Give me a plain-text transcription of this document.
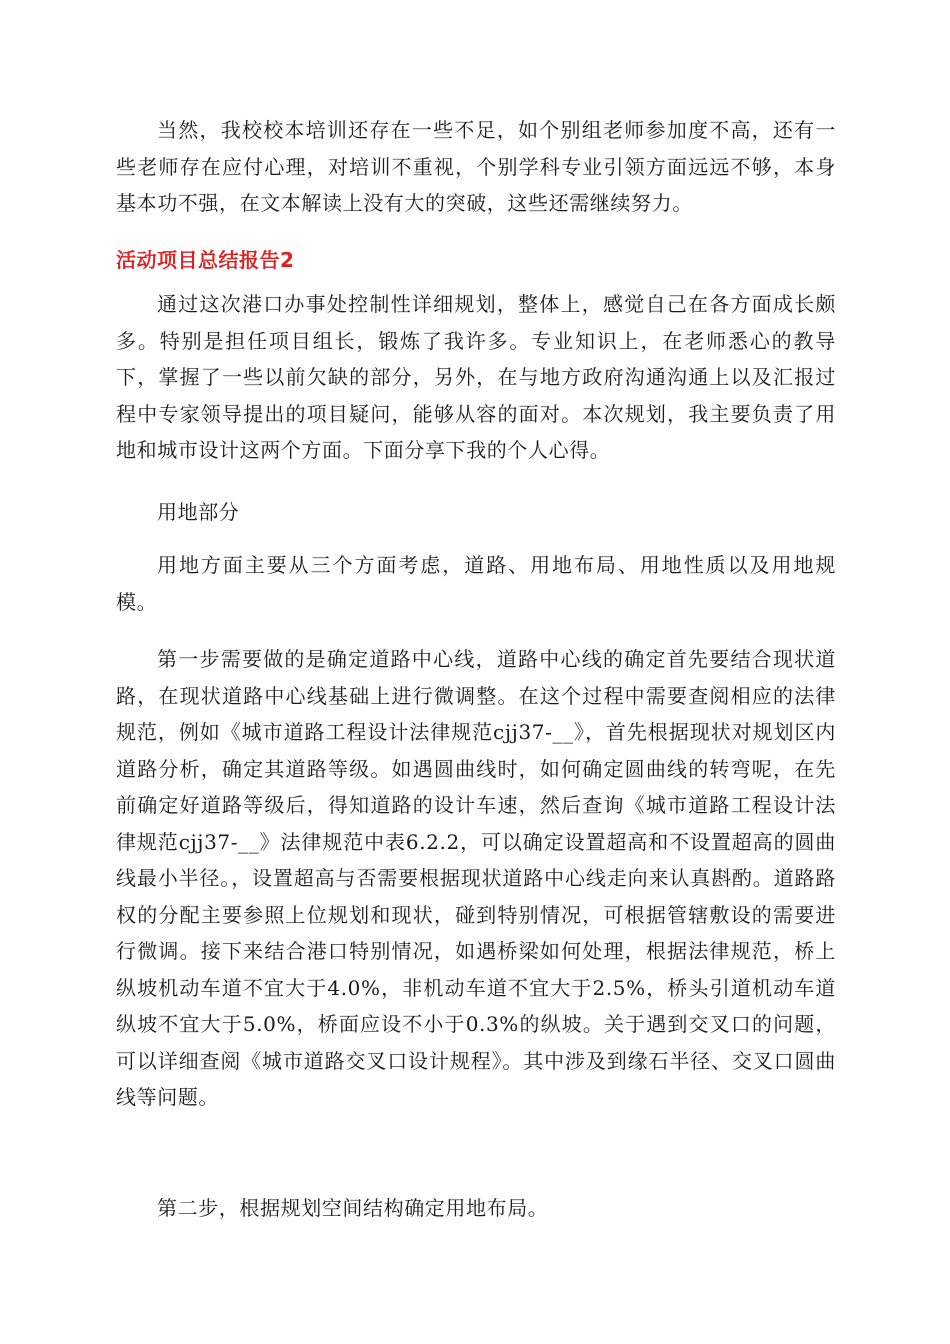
当然，我校校本培训还存在一些不足，如个别组老师参加度不高，还有一些老师存在应付心理，对培训不重视，个别学科专业引领方面远远不够，本身基本功不强，在文本解读上没有大的突破，这些还需继续努力。

活动项目总结报告2

通过这次港口办事处控制性详细规划，整体上，感觉自己在各方面成长颇多。特别是担任项目组长，锻炼了我许多。专业知识上，在老师悉心的教导下，掌握了一些以前欠缺的部分，另外，在与地方政府沟通沟通上以及汇报过程中专家领导提出的项目疑问，能够从容的面对。本次规划，我主要负责了用地和城市设计这两个方面。下面分享下我的个人心得。

用地部分

用地方面主要从三个方面考虑，道路、用地布局、用地性质以及用地规模。

第一步需要做的是确定道路中心线，道路中心线的确定首先要结合现状道路，在现状道路中心线基础上进行微调整。在这个过程中需要查阅相应的法律规范，例如《城市道路工程设计法律规范cjj37-__》，首先根据现状对规划区内道路分析，确定其道路等级。如遇圆曲线时，如何确定圆曲线的转弯呢，在先前确定好道路等级后，得知道路的设计车速，然后查询《城市道路工程设计法律规范cjj37-__》法律规范中表6.2.2，可以确定设置超高和不设置超高的圆曲线最小半径。，设置超高与否需要根据现状道路中心线走向来认真斟酌。道路路权的分配主要参照上位规划和现状，碰到特别情况，可根据管辖敷设的需要进行微调。接下来结合港口特别情况，如遇桥梁如何处理，根据法律规范，桥上纵坡机动车道不宜大于4.0%，非机动车道不宜大于2.5%，桥头引道机动车道纵坡不宜大于5.0%，桥面应设不小于0.3%的纵坡。关于遇到交叉口的问题，可以详细查阅《城市道路交叉口设计规程》。其中涉及到缘石半径、交叉口圆曲线等问题。

第二步，根据规划空间结构确定用地布局。
